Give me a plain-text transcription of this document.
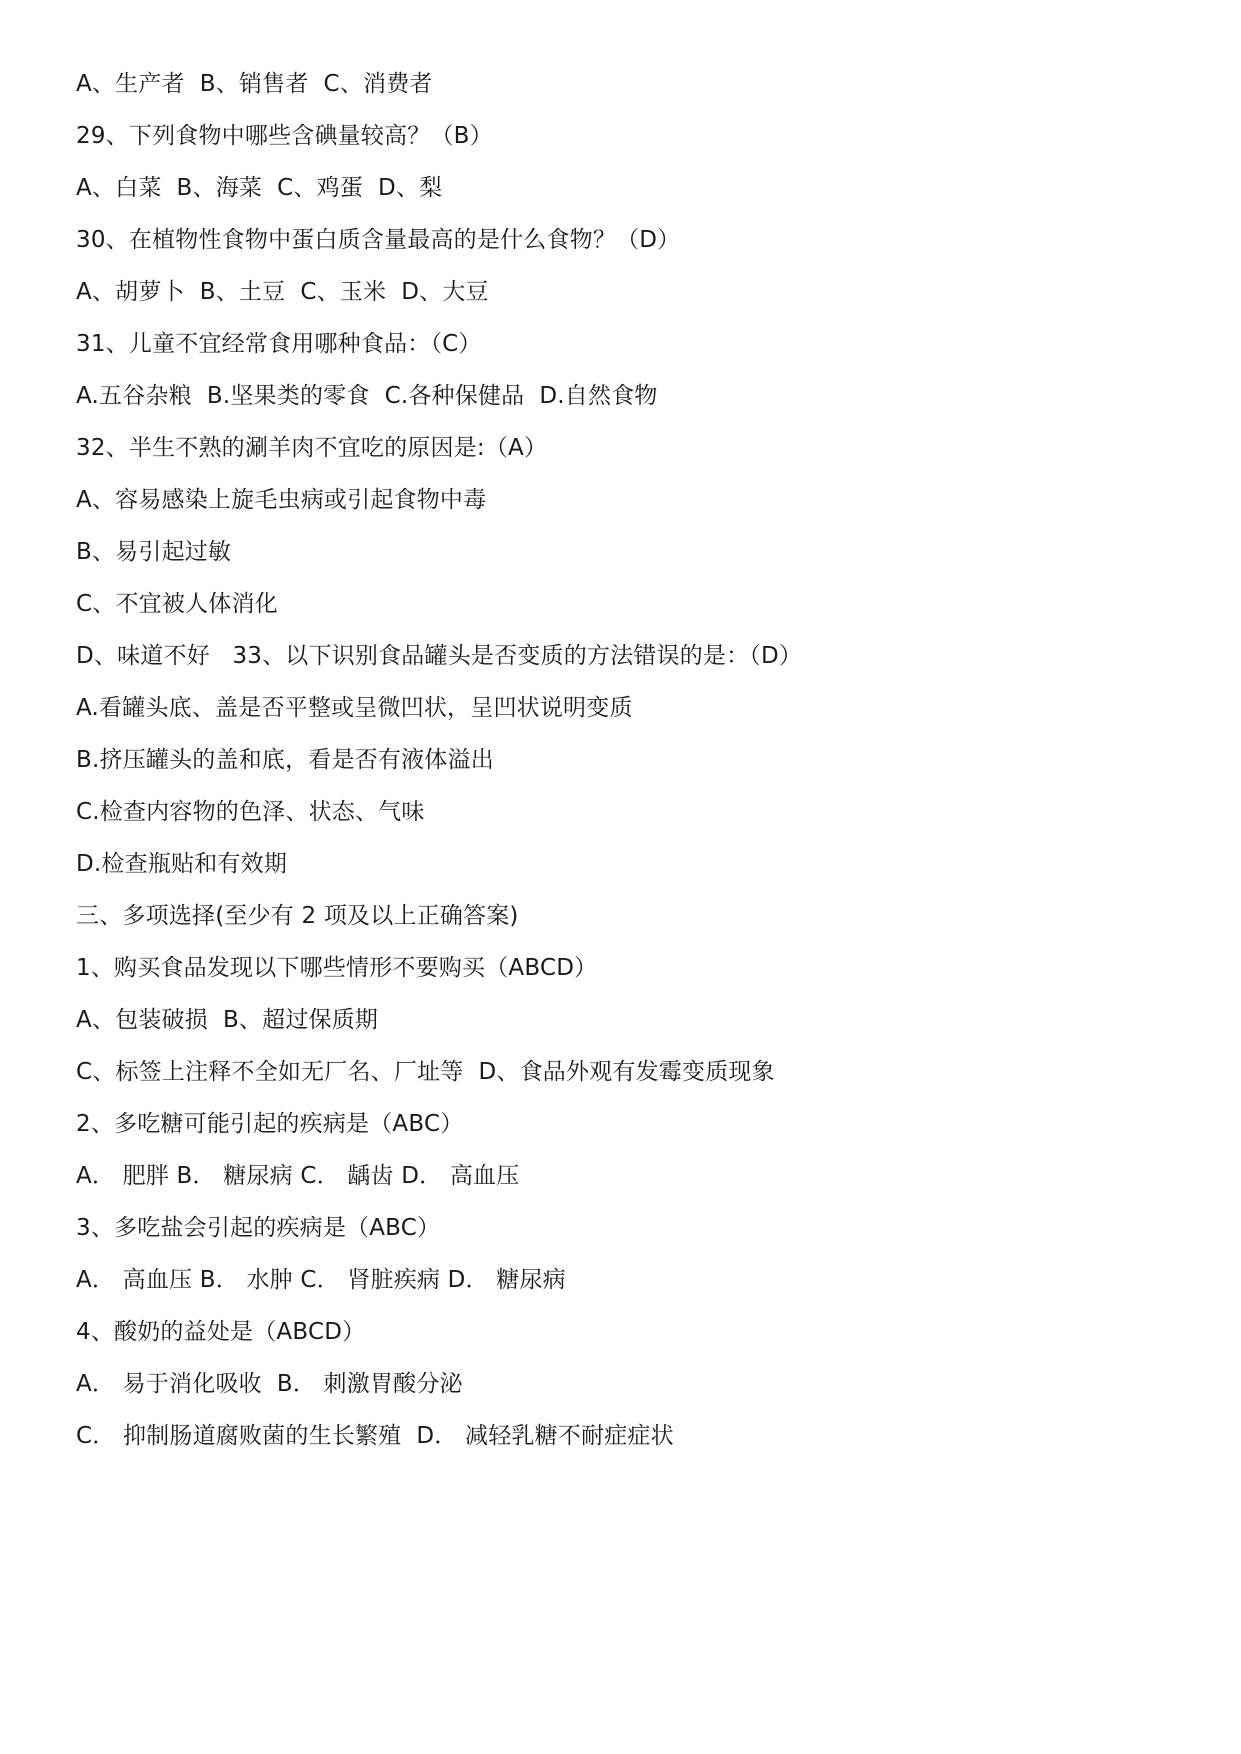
A、生产者  B、销售者  C、消费者
29、下列食物中哪些含碘量较高？（B）
A、白菜  B、海菜  C、鸡蛋  D、梨
30、在植物性食物中蛋白质含量最高的是什么食物？（D）
A、胡萝卜  B、土豆  C、玉米  D、大豆
31、儿童不宜经常食用哪种食品：（C）
A.五谷杂粮  B.坚果类的零食  C.各种保健品  D.自然食物
32、半生不熟的涮羊肉不宜吃的原因是:（A）
A、容易感染上旋毛虫病或引起食物中毒
B、易引起过敏
C、不宜被人体消化
D、味道不好   33、以下识别食品罐头是否变质的方法错误的是：（D）
A.看罐头底、盖是否平整或呈微凹状，呈凹状说明变质
B.挤压罐头的盖和底，看是否有液体溢出
C.检查内容物的色泽、状态、气味
D.检查瓶贴和有效期
三、多项选择(至少有 2 项及以上正确答案)
1、购买食品发现以下哪些情形不要购买（ABCD）
A、包装破损  B、超过保质期
C、标签上注释不全如无厂名、厂址等  D、食品外观有发霉变质现象
2、多吃糖可能引起的疾病是（ABC）
A． 肥胖 B． 糖尿病 C． 龋齿 D． 高血压
3、多吃盐会引起的疾病是（ABC）
A． 高血压 B． 水肿 C． 肾脏疾病 D． 糖尿病
4、酸奶的益处是（ABCD）
A． 易于消化吸收  B． 刺激胃酸分泌
C． 抑制肠道腐败菌的生长繁殖  D． 减轻乳糖不耐症症状
